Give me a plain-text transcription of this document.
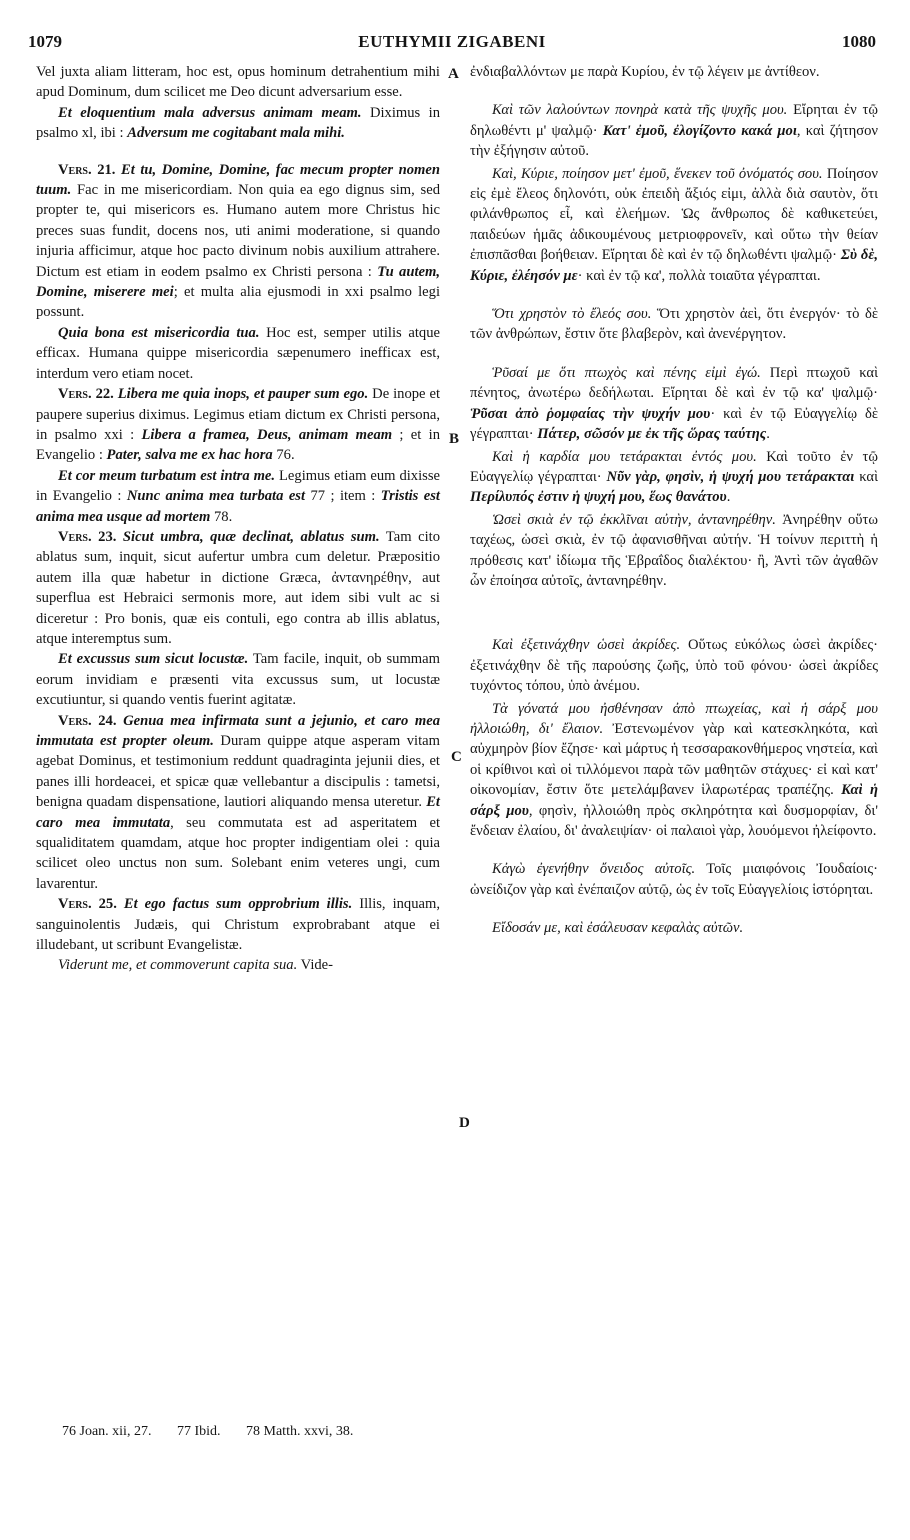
1079	EUTHYMII ZIGABENI	1080

Vel juxta aliam litteram, hoc est, opus hominum detrahentium mihi apud Dominum, dum scilicet me Deo dicunt adversarium esse.

Et eloquentium mala adversus animam meam. Diximus in psalmo xl, ibi : Adversum me cogitabant mala mihi.

Vers. 21. Et tu, Domine, Domine, fac mecum propter nomen tuum. Fac in me misericordiam. Non quia ea ego dignus sim, sed propter te, qui misericors es. Humano autem more Christus hic preces suas fundit, docens nos, uti animi moderatione, si quando injuria afficimur, atque hoc pacto divinum nobis auxilium attrahere. Dictum est etiam in eodem psalmo ex Christi persona : Tu autem, Domine, miserere mei; et multa alia ejusmodi in xxi psalmo legi possunt.

Quia bona est misericordia tua. Hoc est, semper utilis atque efficax. Humana quippe misericordia sæpenumero inefficax est, interdum vero etiam nocet.

Vers. 22. Libera me quia inops, et pauper sum ego. De inope et paupere superius diximus. Legimus etiam dictum ex Christi persona, in psalmo xxi : Libera a framea, Deus, animam meam ; et in Evangelio : Pater, salva me ex hac hora 76.

Et cor meum turbatum est intra me. Legimus etiam eum dixisse in Evangelio : Nunc anima mea turbata est 77 ; item : Tristis est anima mea usque ad mortem 78.

Vers. 23. Sicut umbra, quæ declinat, ablatus sum. Tam cito ablatus sum, inquit, sicut aufertur umbra cum deletur. Præpositio autem illa quæ habetur in dictione Græca, ἀντανηρέθην, aut superflua est Hebraici sermonis more, aut idem sibi vult ac si diceretur : Pro bonis, quæ eis contuli, ego contra ab illis ablatus, atque interemptus sum.

Et excussus sum sicut locustæ. Tam facile, inquit, ob summam eorum invidiam e præsenti vita excussus sum, ut locustæ excutiuntur, si quando ventis fuerint agitatæ.

Vers. 24. Genua mea infirmata sunt a jejunio, et caro mea immutata est propter oleum. Duram quippe atque asperam vitam agebat Dominus, et testimonium reddunt quadraginta jejunii dies, et panes illi hordeacei, et spicæ quæ vellebantur a discipulis : tametsi, benigna quadam dispensatione, lautiori aliquando mensa uteretur. Et caro mea immutata, seu commutata est ad asperitatem et squaliditatem quamdam, atque hoc propter indigentiam olei : quia scilicet oleo unctus non sum. Solebant enim veteres ungi, cum lavarentur.

Vers. 25. Et ego factus sum opprobrium illis. Illis, inquam, sanguinolentis Judæis, qui Christum exprobrabant atque ei illudebant, ut scribunt Evangelistæ.

Viderunt me, et commoverunt capita sua. Vide-

ἐνδιαβαλλόντων με παρὰ Κυρίου, ἐν τῷ λέγειν με ἀντίθεον.

Καὶ τῶν λαλούντων πονηρὰ κατὰ τῆς ψυχῆς μου. Εἴρηται ἐν τῷ δηλωθέντι μ' ψαλμῷ· Κατ' ἐμοῦ, ἐλογίζοντο κακά μοι, καὶ ζήτησον τὴν ἐξήγησιν αὐτοῦ.

Καὶ, Κύριε, ποίησον μετ' ἐμοῦ, ἕνεκεν τοῦ ὀνόματός σου. Ποίησον εἰς ἐμὲ ἔλεος δηλονότι, οὐκ ἐπειδὴ ἄξιός εἰμι, ἀλλὰ διὰ σαυτὸν, ὅτι φιλάνθρωπος εἶ, καὶ ἐλεήμων. Ὡς ἄνθρωπος δὲ καθικετεύει, παιδεύων ἡμᾶς ἀδικουμένους μετριοφρονεῖν, καὶ οὕτω τὴν θείαν ἐπισπᾶσθαι βοήθειαν. Εἴρηται δὲ καὶ ἐν τῷ δηλωθέντι ψαλμῷ· Σὺ δὲ, Κύριε, ἐλέησόν με· καὶ ἐν τῷ κα', πολλὰ τοιαῦτα γέγραπται.

Ὅτι χρηστὸν τὸ ἔλεός σου. Ὅτι χρηστὸν ἀεὶ, ὅτι ἐνεργόν· τὸ δὲ τῶν ἀνθρώπων, ἔστιν ὅτε βλαβερὸν, καὶ ἀνενέργητον.

Ῥῦσαί με ὅτι πτωχὸς καὶ πένης εἰμὶ ἐγώ. Περὶ πτωχοῦ καὶ πένητος, ἀνωτέρω δεδήλωται. Εἴρηται δὲ καὶ ἐν τῷ κα' ψαλμῷ· Ῥῦσαι ἀπὸ ῥομφαίας τὴν ψυχήν μου· καὶ ἐν τῷ Εὐαγγελίῳ δὲ γέγραπται· Πάτερ, σῶσόν με ἐκ τῆς ὥρας ταύτης.

Καὶ ἡ καρδία μου τετάρακται ἐντός μου. Καὶ τοῦτο ἐν τῷ Εὐαγγελίῳ γέγραπται· Νῦν γὰρ, φησὶν, ἡ ψυχή μου τετάρακται καὶ Περίλυπός ἐστιν ἡ ψυχή μου, ἕως θανάτου.

Ὡσεὶ σκιὰ ἐν τῷ ἐκκλῖναι αὐτὴν, ἀντανηρέθην. Ἀνηρέθην οὕτω ταχέως, ὡσεὶ σκιὰ, ἐν τῷ ἀφανισθῆναι αὐτήν. Ἡ τοίνυν περιττὴ ἡ πρόθεσις κατ' ἰδίωμα τῆς Ἑβραΐδος διαλέκτου· ἢ, Ἀντὶ τῶν ἀγαθῶν ὧν ἐποίησα αὐτοῖς, ἀντανηρέθην.

Καὶ ἐξετινάχθην ὡσεὶ ἀκρίδες. Οὕτως εὐκόλως ὡσεὶ ἀκρίδες· ἐξετινάχθην δὲ τῆς παρούσης ζωῆς, ὑπὸ τοῦ φόνου· ὡσεὶ ἀκρίδες τυχόντος τόπου, ὑπὸ ἀνέμου.

Τὰ γόνατά μου ἠσθένησαν ἀπὸ πτωχείας, καὶ ἡ σάρξ μου ἠλλοιώθη, δι' ἔλαιον. Ἐστενωμένον γὰρ καὶ κατεσκληκότα, καὶ αὐχμηρὸν βίον ἔζησε· καὶ μάρτυς ἡ τεσσαρακονθήμερος νηστεία, καὶ οἱ κρίθινοι καὶ οἱ τιλλόμενοι παρὰ τῶν μαθητῶν στάχυες· εἰ καὶ κατ' οἰκονομίαν, ἔστιν ὅτε μετελάμβανεν ἱλαρωτέρας τραπέζης. Καὶ ἡ σάρξ μου, φησὶν, ἠλλοιώθη πρὸς σκληρότητα καὶ δυσμορφίαν, δι' ἔνδειαν ἐλαίου, δι' ἀναλειψίαν· οἱ παλαιοὶ γὰρ, λουόμενοι ἠλείφοντο.

Κἀγὼ ἐγενήθην ὄνειδος αὐτοῖς. Τοῖς μιαιφόνοις Ἰουδαίοις· ὠνείδιζον γὰρ καὶ ἐνέπαιζον αὐτῷ, ὡς ἐν τοῖς Εὐαγγελίοις ἱστόρηται.

Εἴδοσάν με, καὶ ἐσάλευσαν κεφαλὰς αὐτῶν.

A
B
C
D
76 Joan. xii, 27. 77 Ibid. 78 Matth. xxvi, 38.
